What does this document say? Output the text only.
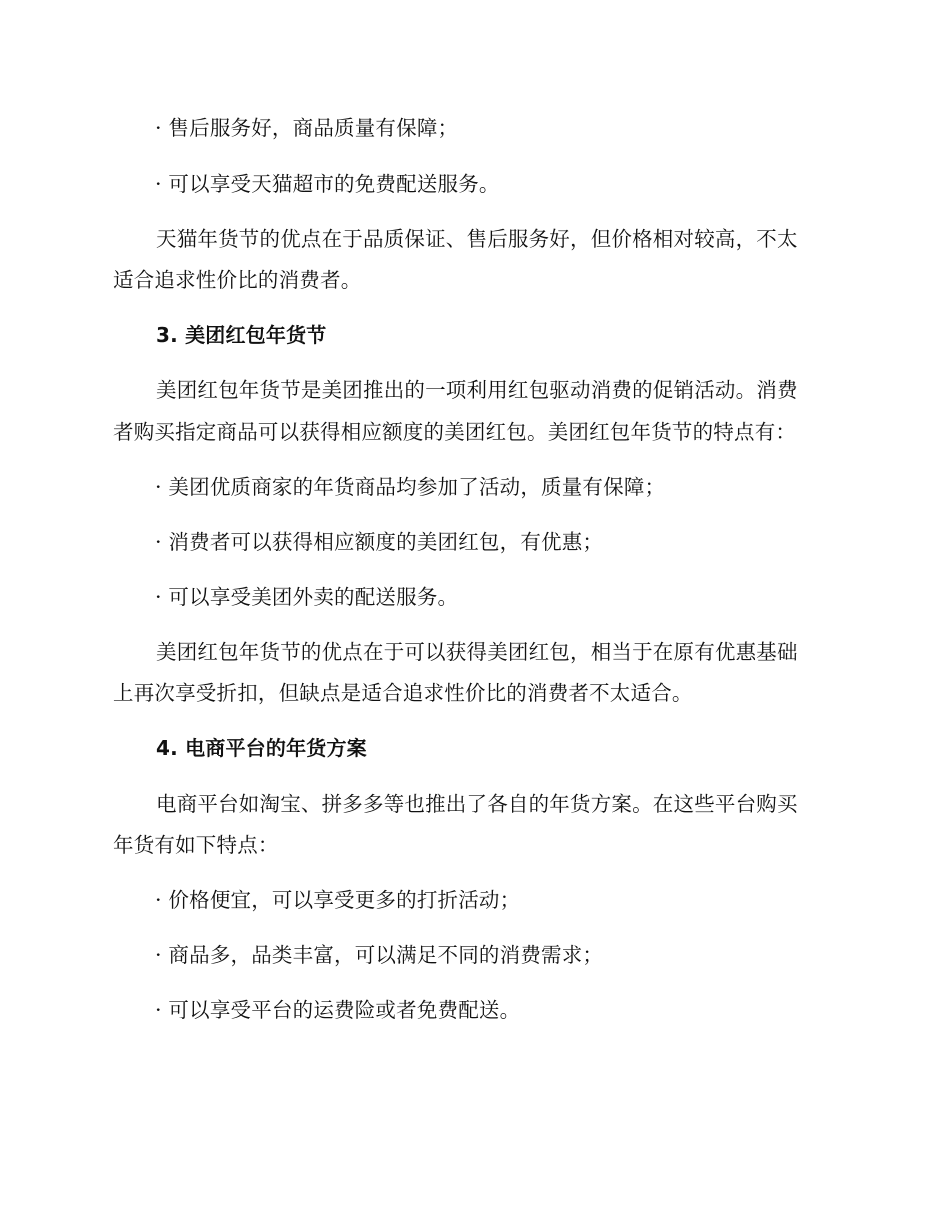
· 售后服务好，商品质量有保障；
· 可以享受天猫超市的免费配送服务。
天猫年货节的优点在于品质保证、售后服务好，但价格相对较高，不太
适合追求性价比的消费者。
3. 美团红包年货节
美团红包年货节是美团推出的一项利用红包驱动消费的促销活动。消费
者购买指定商品可以获得相应额度的美团红包。美团红包年货节的特点有：
· 美团优质商家的年货商品均参加了活动，质量有保障；
· 消费者可以获得相应额度的美团红包，有优惠；
· 可以享受美团外卖的配送服务。
美团红包年货节的优点在于可以获得美团红包，相当于在原有优惠基础
上再次享受折扣，但缺点是适合追求性价比的消费者不太适合。
4. 电商平台的年货方案
电商平台如淘宝、拼多多等也推出了各自的年货方案。在这些平台购买
年货有如下特点：
· 价格便宜，可以享受更多的打折活动；
· 商品多，品类丰富，可以满足不同的消费需求；
· 可以享受平台的运费险或者免费配送。
